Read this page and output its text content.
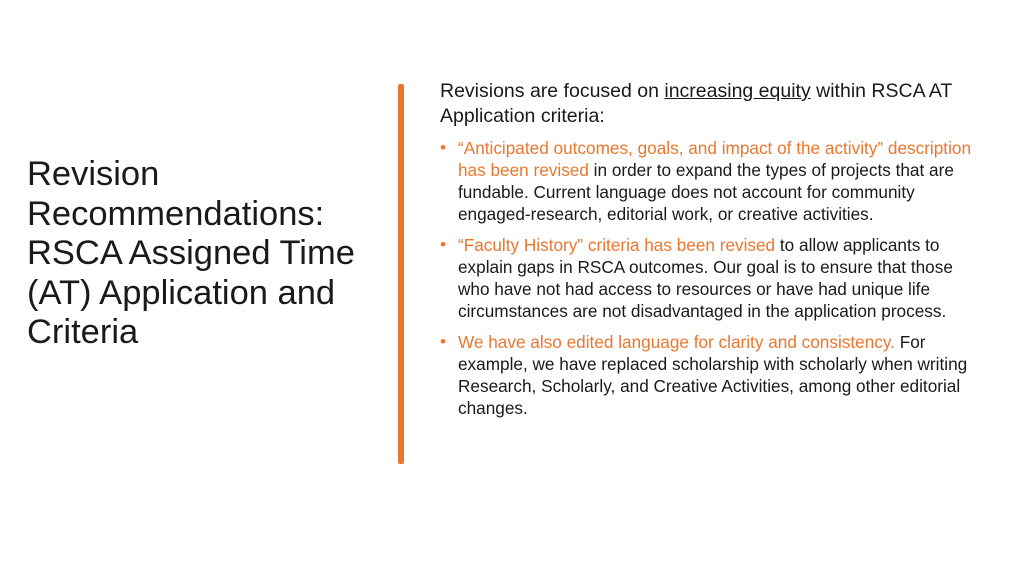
Revision
Recommendations:
RSCA Assigned Time
(AT) Application and
Criteria

Revisions are focused on increasing equity within RSCA AT Application criteria:

• “Anticipated outcomes, goals, and impact of the activity” description has been revised in order to expand the types of projects that are fundable. Current language does not account for community engaged-research, editorial work, or creative activities.
• “Faculty History” criteria has been revised to allow applicants to explain gaps in RSCA outcomes. Our goal is to ensure that those who have not had access to resources or have had unique life circumstances are not disadvantaged in the application process.
• We have also edited language for clarity and consistency. For example, we have replaced scholarship with scholarly when writing Research, Scholarly, and Creative Activities, among other editorial changes.
